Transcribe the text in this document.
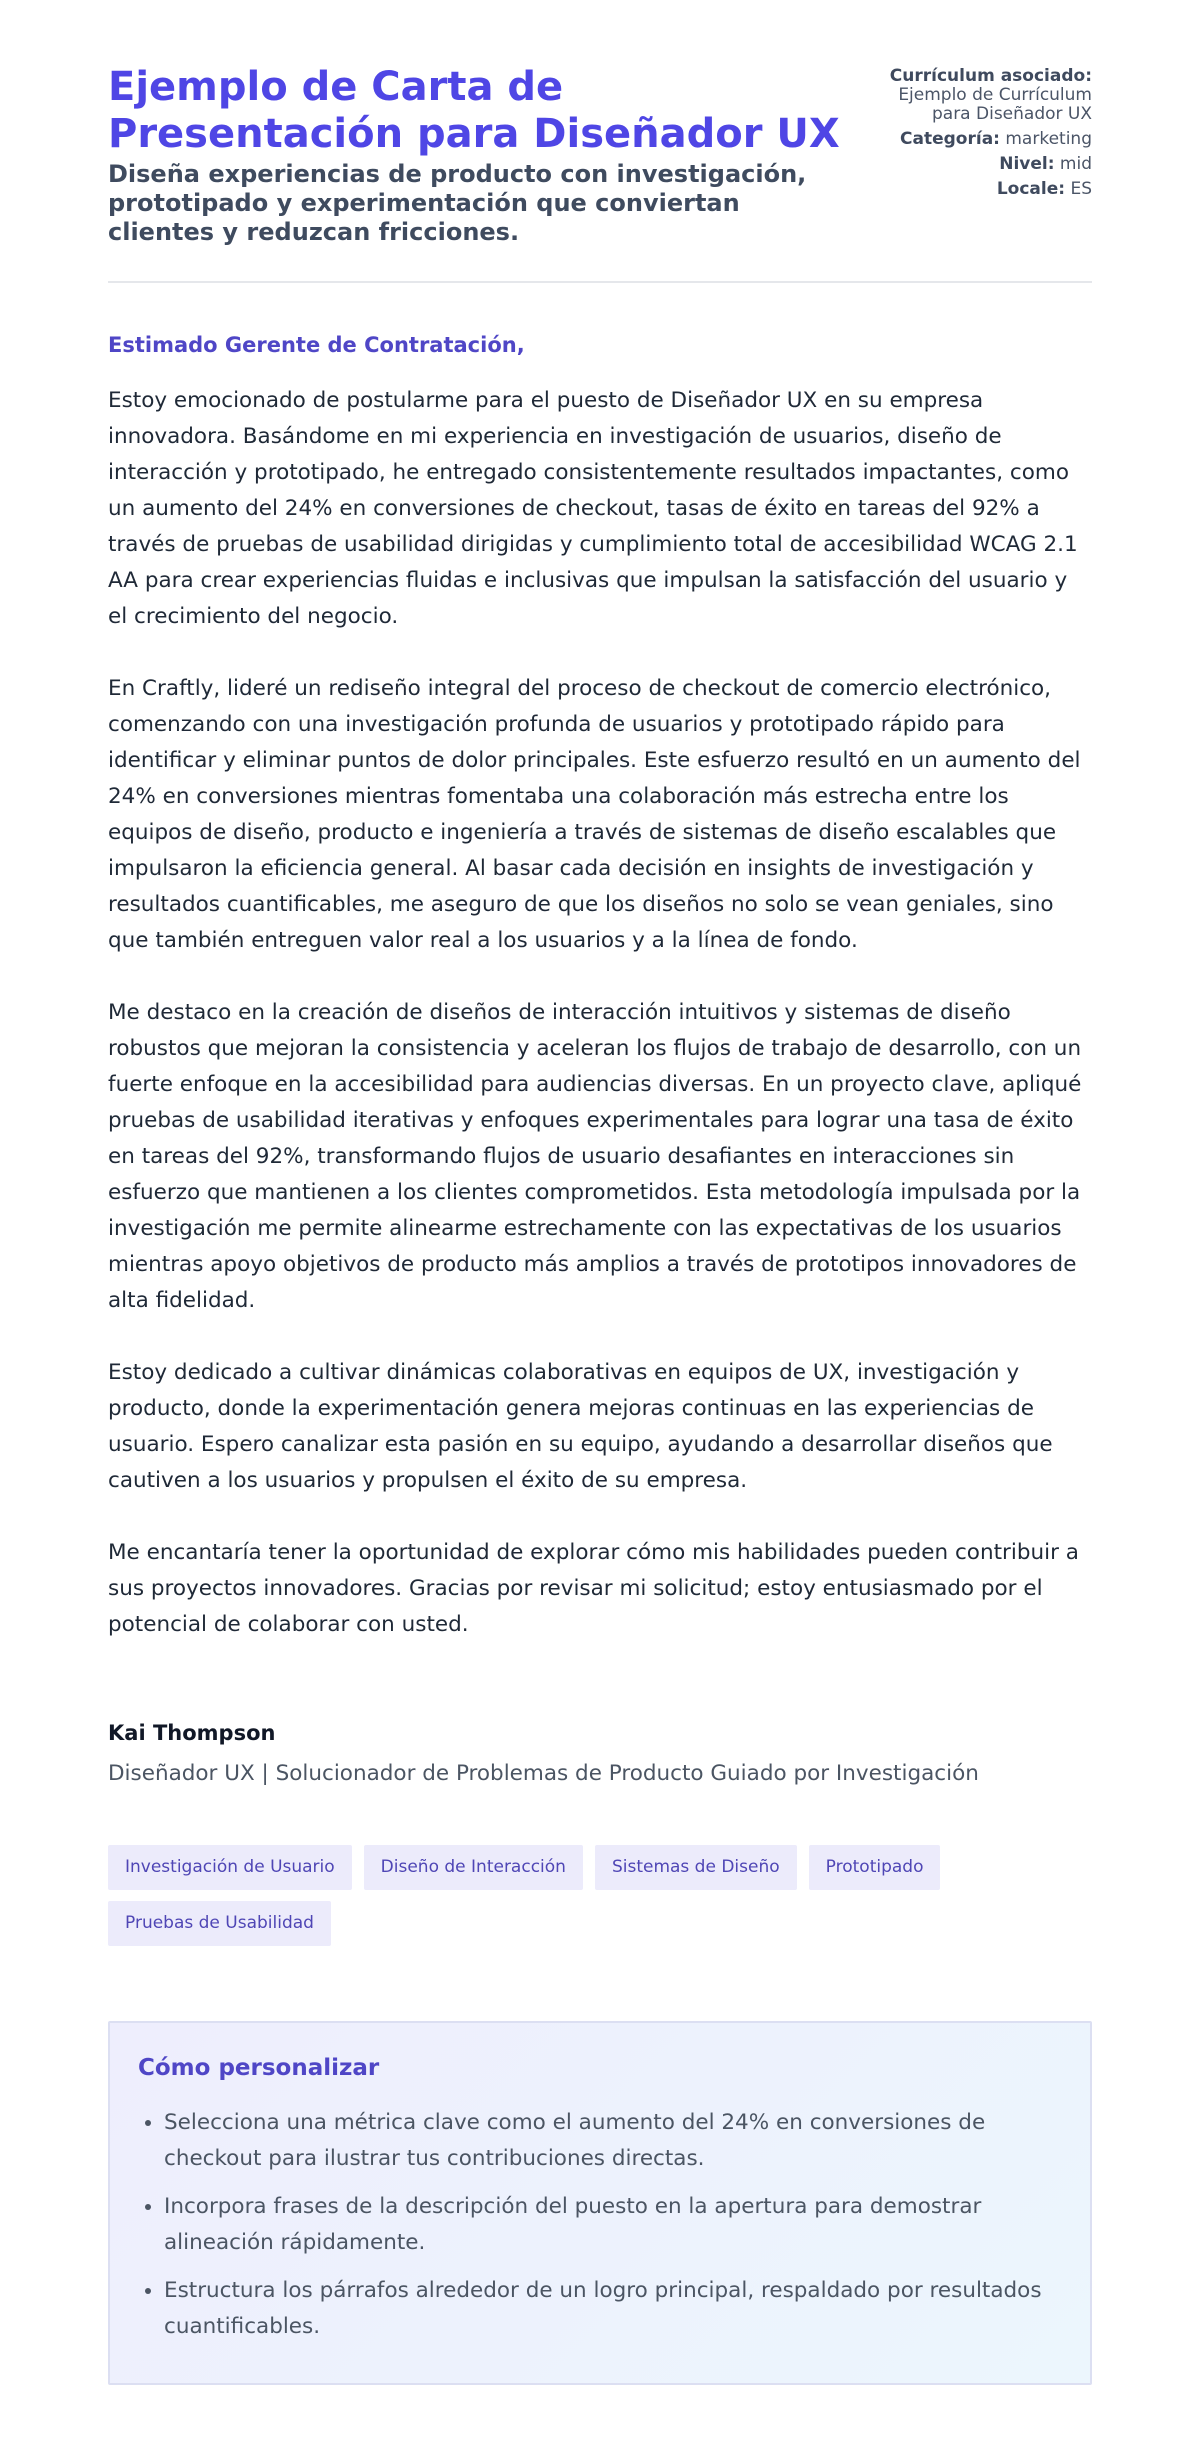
Ejemplo de Carta de Presentación para Diseñador UX

Diseña experiencias de producto con investigación, prototipado y experimentación que conviertan clientes y reduzcan fricciones.

Currículum asociado: Ejemplo de Currículum para Diseñador UX
Categoría: marketing
Nivel: mid
Locale: ES
Estimado Gerente de Contratación,

Estoy emocionado de postularme para el puesto de Diseñador UX en su empresa innovadora. Basándome en mi experiencia en investigación de usuarios, diseño de interacción y prototipado, he entregado consistentemente resultados impactantes, como un aumento del 24% en conversiones de checkout, tasas de éxito en tareas del 92% a través de pruebas de usabilidad dirigidas y cumplimiento total de accesibilidad WCAG 2.1 AA para crear experiencias fluidas e inclusivas que impulsan la satisfacción del usuario y el crecimiento del negocio.

En Craftly, lideré un rediseño integral del proceso de checkout de comercio electrónico, comenzando con una investigación profunda de usuarios y prototipado rápido para identificar y eliminar puntos de dolor principales. Este esfuerzo resultó en un aumento del 24% en conversiones mientras fomentaba una colaboración más estrecha entre los equipos de diseño, producto e ingeniería a través de sistemas de diseño escalables que impulsaron la eficiencia general. Al basar cada decisión en insights de investigación y resultados cuantificables, me aseguro de que los diseños no solo se vean geniales, sino que también entreguen valor real a los usuarios y a la línea de fondo.

Me destaco en la creación de diseños de interacción intuitivos y sistemas de diseño robustos que mejoran la consistencia y aceleran los flujos de trabajo de desarrollo, con un fuerte enfoque en la accesibilidad para audiencias diversas. En un proyecto clave, apliqué pruebas de usabilidad iterativas y enfoques experimentales para lograr una tasa de éxito en tareas del 92%, transformando flujos de usuario desafiantes en interacciones sin esfuerzo que mantienen a los clientes comprometidos. Esta metodología impulsada por la investigación me permite alinearme estrechamente con las expectativas de los usuarios mientras apoyo objetivos de producto más amplios a través de prototipos innovadores de alta fidelidad.

Estoy dedicado a cultivar dinámicas colaborativas en equipos de UX, investigación y producto, donde la experimentación genera mejoras continuas en las experiencias de usuario. Espero canalizar esta pasión en su equipo, ayudando a desarrollar diseños que cautiven a los usuarios y propulsen el éxito de su empresa.

Me encantaría tener la oportunidad de explorar cómo mis habilidades pueden contribuir a sus proyectos innovadores. Gracias por revisar mi solicitud; estoy entusiasmado por el potencial de colaborar con usted.

Kai Thompson

Diseñador UX | Solucionador de Problemas de Producto Guiado por Investigación

Investigación de Usuario	Diseño de Interacción	Sistemas de Diseño	Prototipado
Pruebas de Usabilidad
Cómo personalizar
• Selecciona una métrica clave como el aumento del 24% en conversiones de checkout para ilustrar tus contribuciones directas.
• Incorpora frases de la descripción del puesto en la apertura para demostrar alineación rápidamente.
• Estructura los párrafos alrededor de un logro principal, respaldado por resultados cuantificables.
